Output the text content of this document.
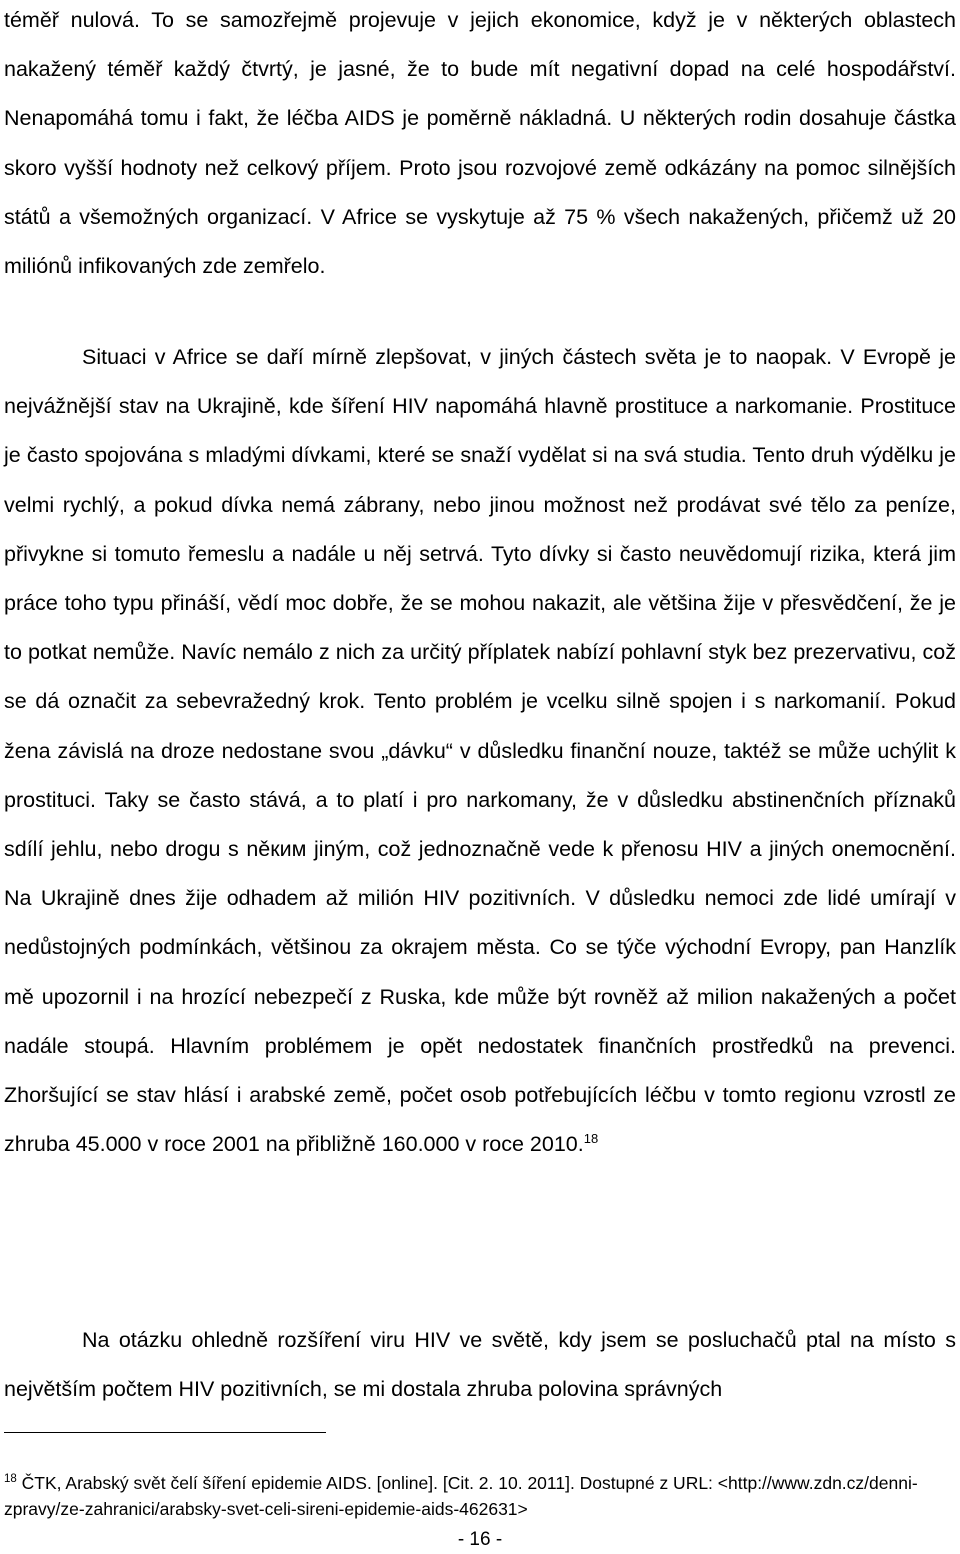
téměř nulová. To se samozřejmě projevuje v jejich ekonomice, když je v některých oblastech nakažený téměř každý čtvrtý, je jasné, že to bude mít negativní dopad na celé hospodářství. Nenapomáhá tomu i fakt, že léčba AIDS je poměrně nákladná. U některých rodin dosahuje částka skoro vyšší hodnoty než celkový příjem. Proto jsou rozvojové země odkázány na pomoc silnějších států a všemožných organizací. V Africe se vyskytuje až 75 % všech nakažených, přičemž už 20 miliónů infikovaných zde zemřelo.

Situaci v Africe se daří mírně zlepšovat, v jiných částech světa je to naopak. V Evropě je nejvážnější stav na Ukrajině, kde šíření HIV napomáhá hlavně prostituce a narkomanie. Prostituce je často spojována s mladými dívkami, které se snaží vydělat si na svá studia. Tento druh výdělku je velmi rychlý, a pokud dívka nemá zábrany, nebo jinou možnost než prodávat své tělo za peníze, přivykne si tomuto řemeslu a nadále u něj setrvá. Tyto dívky si často neuvědomují rizika, která jim práce toho typu přináší, vědí moc dobře, že se mohou nakazit, ale většina žije v přesvědčení, že je to potkat nemůže. Navíc nemálo z nich za určitý příplatek nabízí pohlavní styk bez prezervativu, což se dá označit za sebevražedný krok. Tento problém je vcelku silně spojen i s narkomanií. Pokud žena závislá na droze nedostane svou „dávku“ v důsledku finanční nouze, taktéž se může uchýlit k prostituci. Taky se často stává, a to platí i pro narkomany, že v důsledku abstinenčních příznaků sdílí jehlu, nebo drogu s něким jiným, což jednoznačně vede k přenosu HIV a jiných onemocnění. Na Ukrajině dnes žije odhadem až milión HIV pozitivních. V důsledku nemoci zde lidé umírají v nedůstojných podmínkách, většinou za okrajem města. Co se týče východní Evropy, pan Hanzlík mě upozornil i na hrozící nebezpečí z Ruska, kde může být rovněž až milion nakažených a počet nadále stoupá. Hlavním problémem je opět nedostatek finančních prostředků na prevenci. Zhoršující se stav hlásí i arabské země, počet osob potřebujících léčbu v tomto regionu vzrostl ze zhruba 45.000 v roce 2001 na přibližně 160.000 v roce 2010.18

Na otázku ohledně rozšíření viru HIV ve světě, kdy jsem se posluchačů ptal na místo s největším počtem HIV pozitivních, se mi dostala zhruba polovina správných

$^{18}$ ČTK, Arabský svět čelí šíření epidemie AIDS. [online]. [Cit. 2. 10. 2011]. Dostupné z URL: <http://www.zdn.cz/denni-zpravy/ze-zahranici/arabsky-svet-celi-sireni-epidemie-aids-462631>

- 16 -
